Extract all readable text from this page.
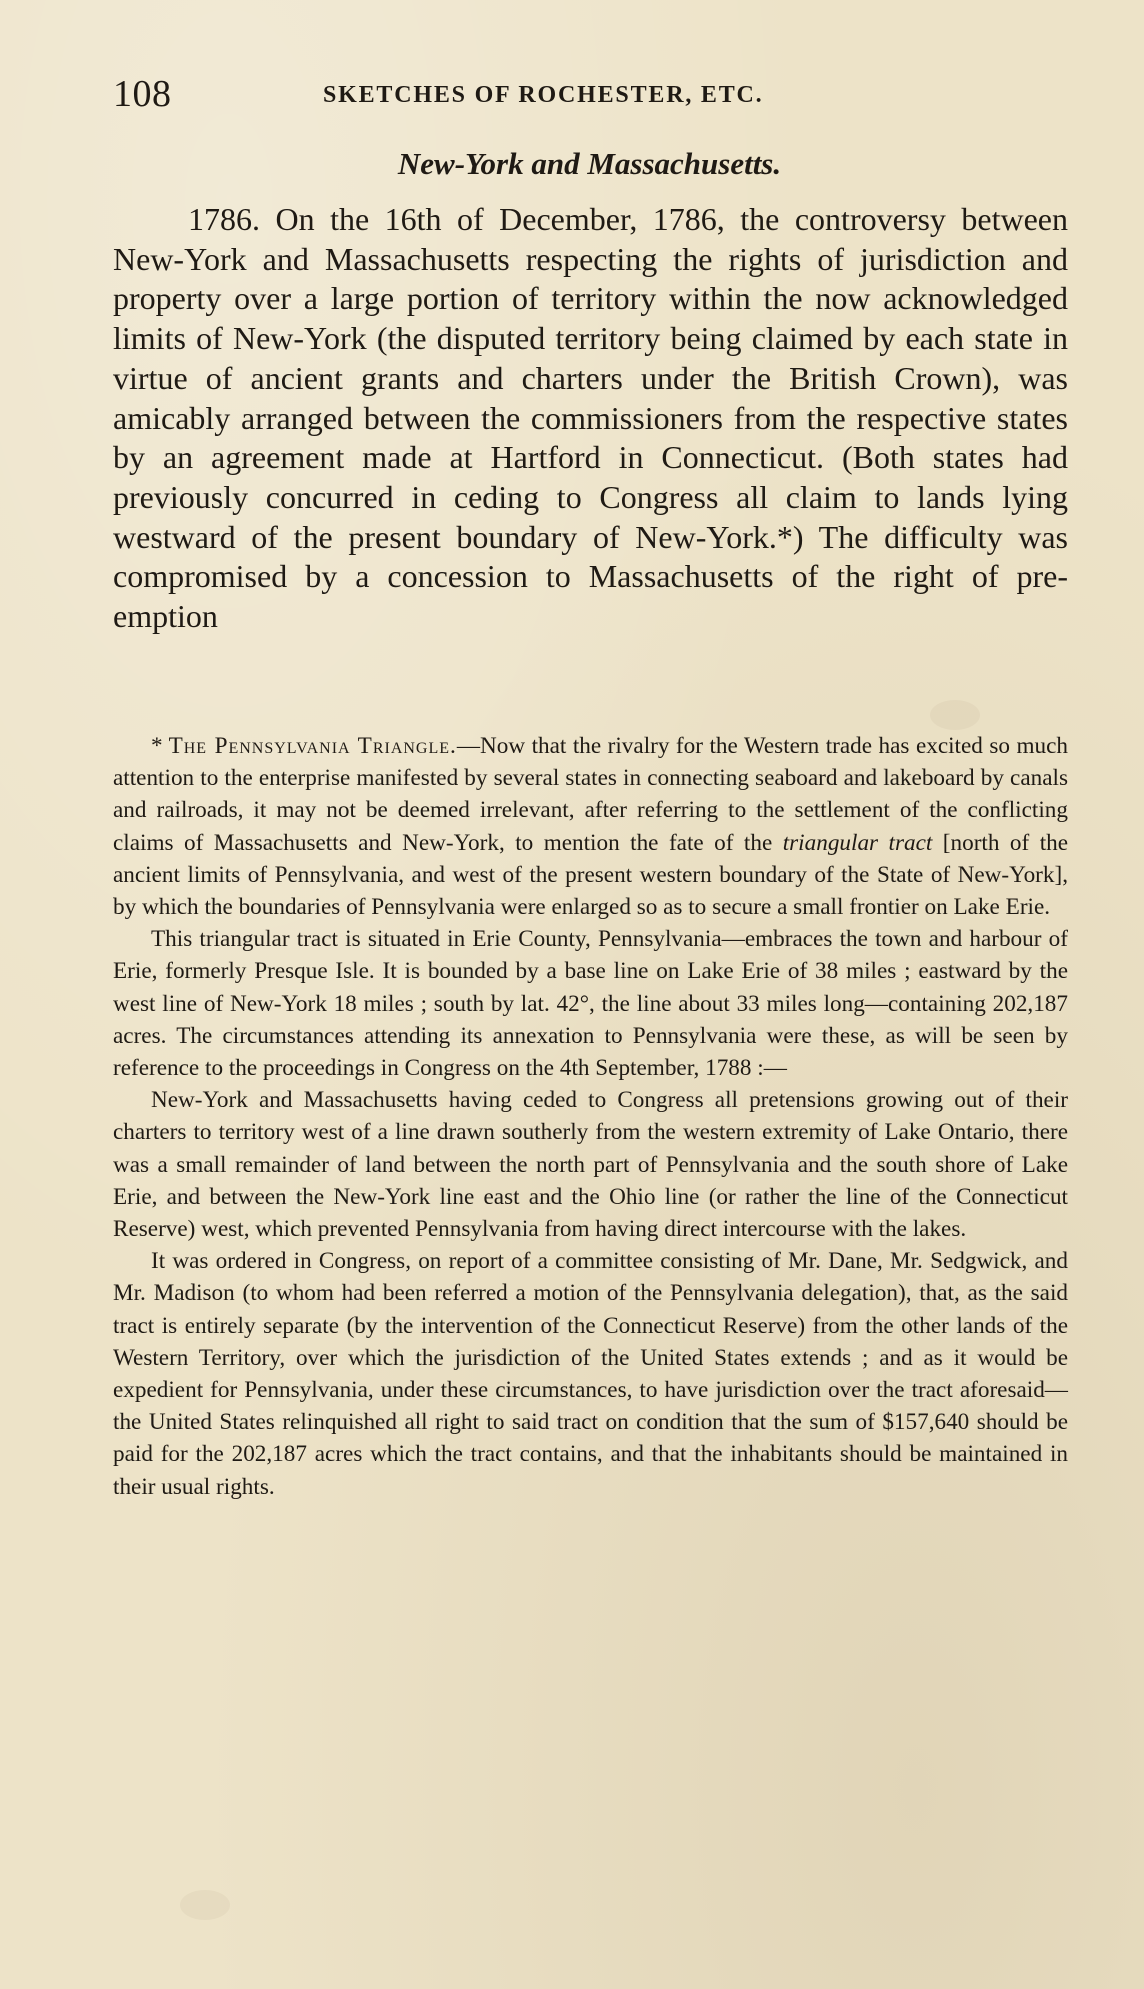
108	SKETCHES OF ROCHESTER, ETC.
New-York and Massachusetts.

1786. On the 16th of December, 1786, the controversy between New-York and Massachusetts respecting the rights of jurisdiction and property over a large portion of territory within the now acknowledged limits of New-York (the disputed territory being claimed by each state in virtue of ancient grants and charters under the British Crown), was amicably arranged between the commissioners from the respective states by an agreement made at Hartford in Connecticut. (Both states had previously concurred in ceding to Congress all claim to lands lying westward of the present boundary of New-York.*) The difficulty was compromised by a concession to Massachusetts of the right of pre-emption

* The Pennsylvania Triangle.—Now that the rivalry for the Western trade has excited so much attention to the enterprise manifested by several states in connecting seaboard and lakeboard by canals and railroads, it may not be deemed irrelevant, after referring to the settlement of the conflicting claims of Massachusetts and New-York, to mention the fate of the triangular tract [north of the ancient limits of Pennsylvania, and west of the present western boundary of the State of New-York], by which the boundaries of Pennsylvania were enlarged so as to secure a small frontier on Lake Erie.

This triangular tract is situated in Erie County, Pennsylvania—embraces the town and harbour of Erie, formerly Presque Isle. It is bounded by a base line on Lake Erie of 38 miles ; eastward by the west line of New-York 18 miles ; south by lat. 42°, the line about 33 miles long—containing 202,187 acres. The circumstances attending its annexation to Pennsylvania were these, as will be seen by reference to the proceedings in Congress on the 4th September, 1788 :—

New-York and Massachusetts having ceded to Congress all pretensions growing out of their charters to territory west of a line drawn southerly from the western extremity of Lake Ontario, there was a small remainder of land between the north part of Pennsylvania and the south shore of Lake Erie, and between the New-York line east and the Ohio line (or rather the line of the Connecticut Reserve) west, which prevented Pennsylvania from having direct intercourse with the lakes.

It was ordered in Congress, on report of a committee consisting of Mr. Dane, Mr. Sedgwick, and Mr. Madison (to whom had been referred a motion of the Pennsylvania delegation), that, as the said tract is entirely separate (by the intervention of the Connecticut Reserve) from the other lands of the Western Territory, over which the jurisdiction of the United States extends ; and as it would be expedient for Pennsylvania, under these circumstances, to have jurisdiction over the tract aforesaid—the United States relinquished all right to said tract on condition that the sum of $157,640 should be paid for the 202,187 acres which the tract contains, and that the inhabitants should be maintained in their usual rights.
